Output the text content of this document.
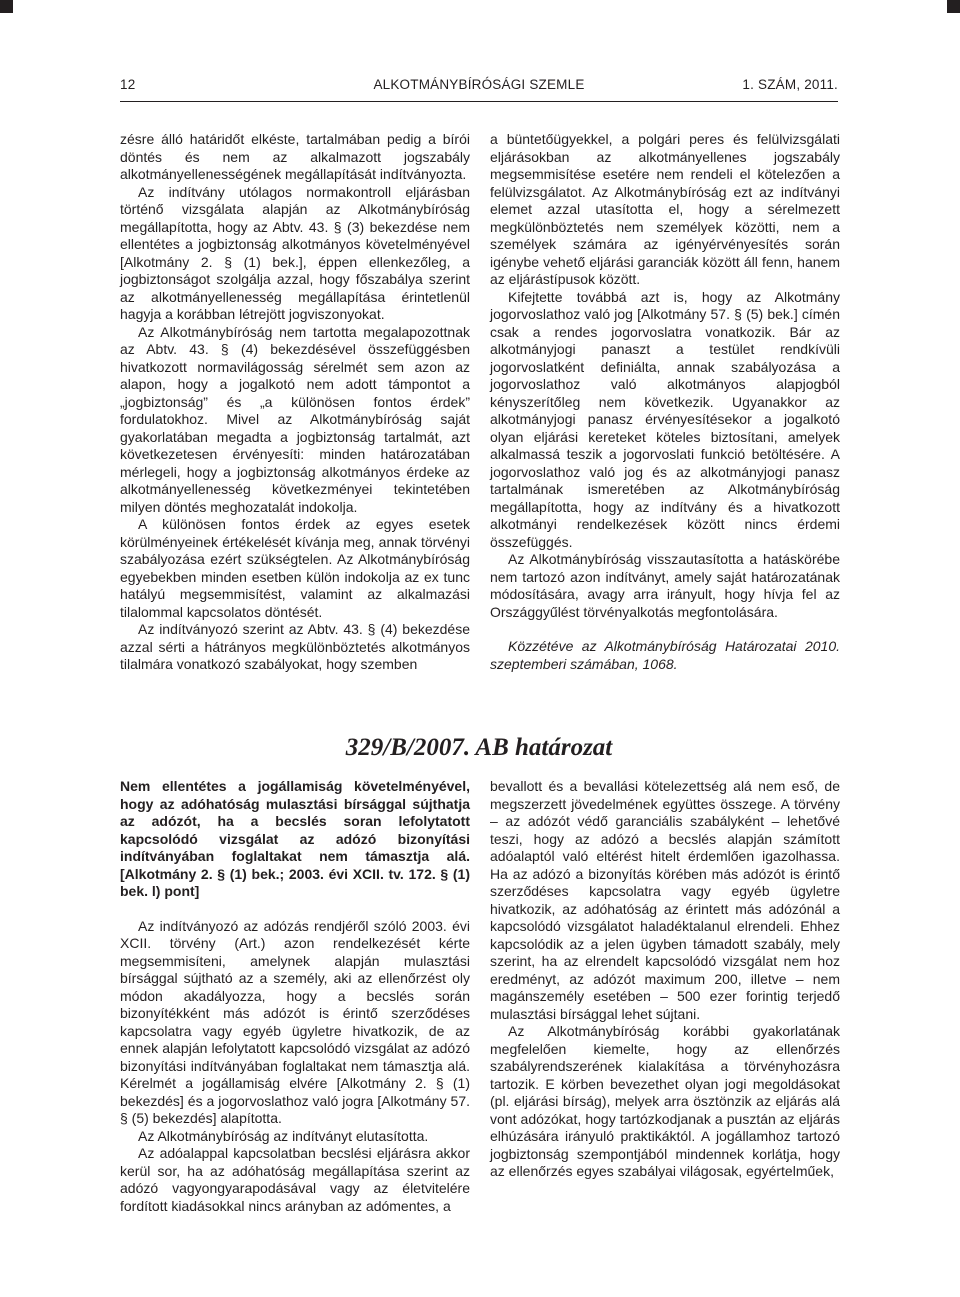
12	ALKOTMÁNYBÍRÓSÁGI SZEMLE	1. SZÁM, 2011.

zésre álló határidőt elkéste, tartalmában pedig a bírói döntés és nem az alkalmazott jogszabály alkotmányellenességének megállapítását indítványozta.

Az indítvány utólagos normakontroll eljárásban történő vizsgálata alapján az Alkotmánybíróság megállapította, hogy az Abtv. 43. § (3) bekezdése nem ellentétes a jogbiztonság alkotmányos követelményével [Alkotmány 2. § (1) bek.], éppen ellenkezőleg, a jogbiztonságot szolgálja azzal, hogy főszabálya szerint az alkotmányellenesség megállapítása érintetlenül hagyja a korábban létrejött jogviszonyokat.

Az Alkotmánybíróság nem tartotta megalapozottnak az Abtv. 43. § (4) bekezdésével összefüggésben hivatkozott normavilágosság sérelmét sem azon az alapon, hogy a jogalkotó nem adott támpontot a „jogbiztonság” és „a különösen fontos érdek” fordulatokhoz. Mivel az Alkotmánybíróság saját gyakorlatában megadta a jogbiztonság tartalmát, azt következetesen érvényesíti: minden határozatában mérlegeli, hogy a jogbiztonság alkotmányos érdeke az alkotmányellenesség következményei tekintetében milyen döntés meghozatalát indokolja.

A különösen fontos érdek az egyes esetek körülményeinek értékelését kívánja meg, annak törvényi szabályozása ezért szükségtelen. Az Alkotmánybíróság egyebekben minden esetben külön indokolja az ex tunc hatályú megsemmisítést, valamint az alkalmazási tilalommal kapcsolatos döntését.

Az indítványozó szerint az Abtv. 43. § (4) bekezdése azzal sérti a hátrányos megkülönböztetés alkotmányos tilalmára vonatkozó szabályokat, hogy szemben

a büntetőügyekkel, a polgári peres és felülvizsgálati eljárásokban az alkotmányellenes jogszabály megsemmisítése esetére nem rendeli el kötelezően a felülvizsgálatot. Az Alkotmánybíróság ezt az indítványi elemet azzal utasította el, hogy a sérelmezett megkülönböztetés nem személyek közötti, nem a személyek számára az igényérvényesítés során igénybe vehető eljárási garanciák között áll fenn, hanem az eljárástípusok között.

Kifejtette továbbá azt is, hogy az Alkotmány jogorvoslathoz való jog [Alkotmány 57. § (5) bek.] címén csak a rendes jogorvoslatra vonatkozik. Bár az alkotmányjogi panaszt a testület rendkívüli jogorvoslatként definiálta, annak szabályozása a jogorvoslathoz való alkotmányos alapjogból kényszerítőleg nem következik. Ugyanakkor az alkotmányjogi panasz érvényesítésekor a jogalkotó olyan eljárási kereteket köteles biztosítani, amelyek alkalmassá teszik a jogorvoslati funkció betöltésére. A jogorvoslathoz való jog és az alkotmányjogi panasz tartalmának ismeretében az Alkotmánybíróság megállapította, hogy az indítvány és a hivatkozott alkotmányi rendelkezések között nincs érdemi összefüggés.

Az Alkotmánybíróság visszautasította a hatáskörébe nem tartozó azon indítványt, amely saját határozatának módosítására, avagy arra irányult, hogy hívja fel az Országgyűlést törvényalkotás megfontolására.

Közzétéve az Alkotmánybíróság Határozatai 2010. szeptemberi számában, 1068.

329/B/2007. AB határozat

Nem ellentétes a jogállamiság követelményével, hogy az adóhatóság mulasztási bírsággal sújthatja az adózót, ha a becslés soran lefolytatott kapcsolódó vizsgálat az adózó bizonyítási indítványában foglaltakat nem támasztja alá. [Alkotmány 2. § (1) bek.; 2003. évi XCII. tv. 172. § (1) bek. l) pont]

Az indítványozó az adózás rendjéről szóló 2003. évi XCII. törvény (Art.) azon rendelkezését kérte megsemmisíteni, amelynek alapján mulasztási bírsággal sújtható az a személy, aki az ellenőrzést oly módon akadályozza, hogy a becslés során bizonyítékként más adózót is érintő szerződéses kapcsolatra vagy egyéb ügyletre hivatkozik, de az ennek alapján lefolytatott kapcsolódó vizsgálat az adózó bizonyítási indítványában foglaltakat nem támasztja alá. Kérelmét a jogállamiság elvére [Alkotmány 2. § (1) bekezdés] és a jogorvoslathoz való jogra [Alkotmány 57. § (5) bekezdés] alapította.

Az Alkotmánybíróság az indítványt elutasította.

Az adóalappal kapcsolatban becslési eljárásra akkor kerül sor, ha az adóhatóság megállapítása szerint az adózó vagyongyarapodásával vagy az életvitelére fordított kiadásokkal nincs arányban az adómentes, a

bevallott és a bevallási kötelezettség alá nem eső, de megszerzett jövedelmének együttes összege. A törvény – az adózót védő garanciális szabályként – lehetővé teszi, hogy az adózó a becslés alapján számított adóalaptól való eltérést hitelt érdemlően igazolhassa. Ha az adózó a bizonyítás körében más adózót is érintő szerződéses kapcsolatra vagy egyéb ügyletre hivatkozik, az adóhatóság az érintett más adózónál a kapcsolódó vizsgálatot haladéktalanul elrendeli. Ehhez kapcsolódik az a jelen ügyben támadott szabály, mely szerint, ha az elrendelt kapcsolódó vizsgálat nem hoz eredményt, az adózót maximum 200, illetve – nem magánszemély esetében – 500 ezer forintig terjedő mulasztási bírsággal lehet sújtani.

Az Alkotmánybíróság korábbi gyakorlatának megfelelően kiemelte, hogy az ellenőrzés szabályrendszerének kialakítása a törvényhozásra tartozik. E körben bevezethet olyan jogi megoldásokat (pl. eljárási bírság), melyek arra ösztönzik az eljárás alá vont adózókat, hogy tartózkodjanak a pusztán az eljárás elhúzására irányuló praktikáktól. A jogállamhoz tartozó jogbiztonság szempontjából mindennek korlátja, hogy az ellenőrzés egyes szabályai világosak, egyértelműek,
